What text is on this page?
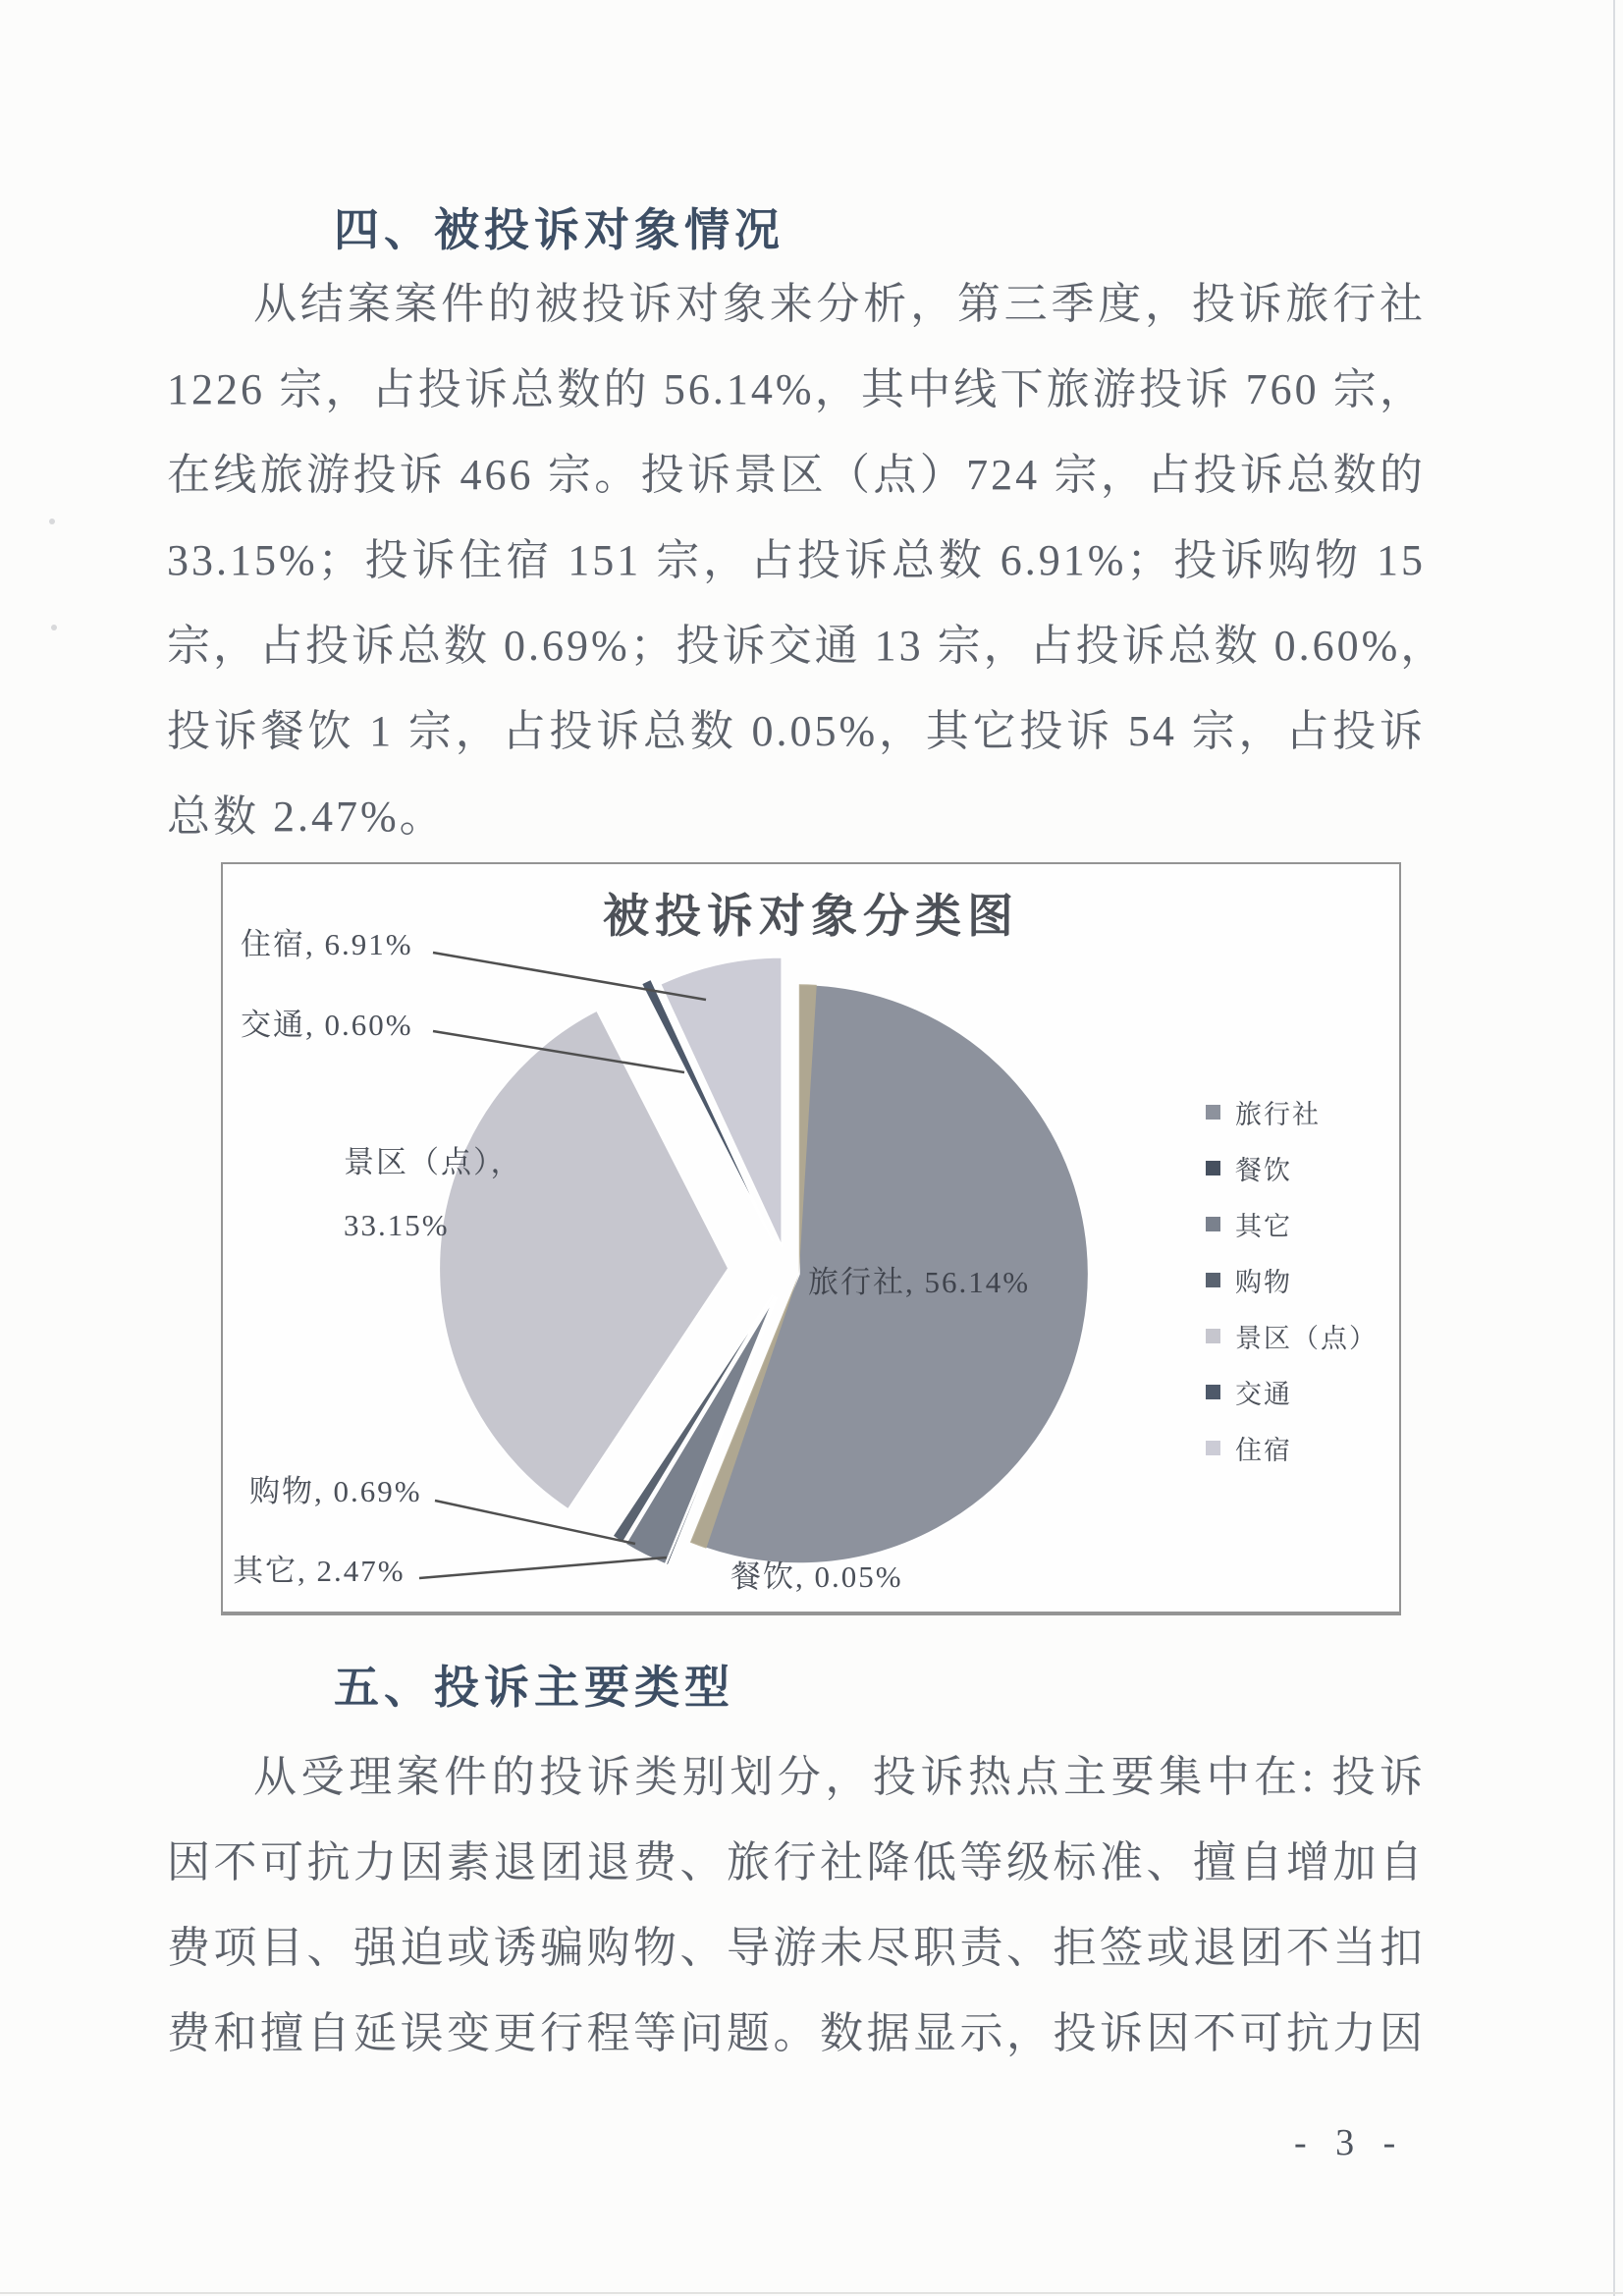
四、被投诉对象情况
从结案案件的被投诉对象来分析，第三季度，投诉旅行社
1226 宗，占投诉总数的 56.14%，其中线下旅游投诉 760 宗，
在线旅游投诉 466 宗。投诉景区（点）724 宗，占投诉总数的
33.15%；投诉住宿 151 宗，占投诉总数 6.91%；投诉购物 15
宗，占投诉总数 0.69%；投诉交通 13 宗，占投诉总数 0.60%，
投诉餐饮 1 宗，占投诉总数 0.05%，其它投诉 54 宗，占投诉
总数 2.47%。
被投诉对象分类图
住宿, 6.91%
交通, 0.60%
景区（点）， 33.15%
购物, 0.69%
其它, 2.47%	餐饮, 0.05%
旅行社, 56.14%
旅行社
餐饮
其它
购物
景区（点）
交通
住宿
五、投诉主要类型
从受理案件的投诉类别划分，投诉热点主要集中在: 投诉
因不可抗力因素退团退费、旅行社降低等级标准、擅自增加自
费项目、强迫或诱骗购物、导游未尽职责、拒签或退团不当扣
费和擅自延误变更行程等问题。数据显示，投诉因不可抗力因
- 3 -
